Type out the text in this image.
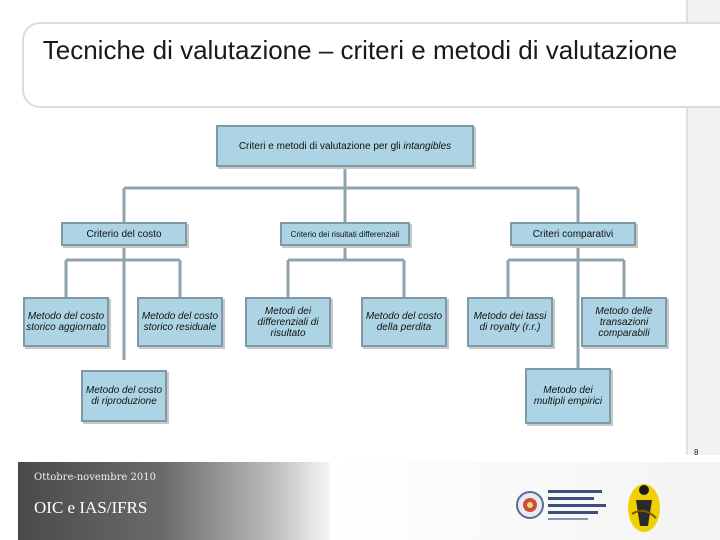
Tecniche di valutazione – criteri e metodi di valutazione
Criteri e metodi di valutazione per gli intangibles
Criterio del costo	Criterio dei risultati differenziali	Criteri comparativi
Metodo del costo storico aggiornato
Metodo del costo storico residuale
Metodi dei differenziali di risultato
Metodo del costo della perdita
Metodo dei tassi di royalty (r.r.)
Metodo delle transazioni comparabili
Metodo del costo di riproduzione
Metodo dei multipli empirici
8
Ottobre-novembre 2010
OIC e IAS/IFRS
